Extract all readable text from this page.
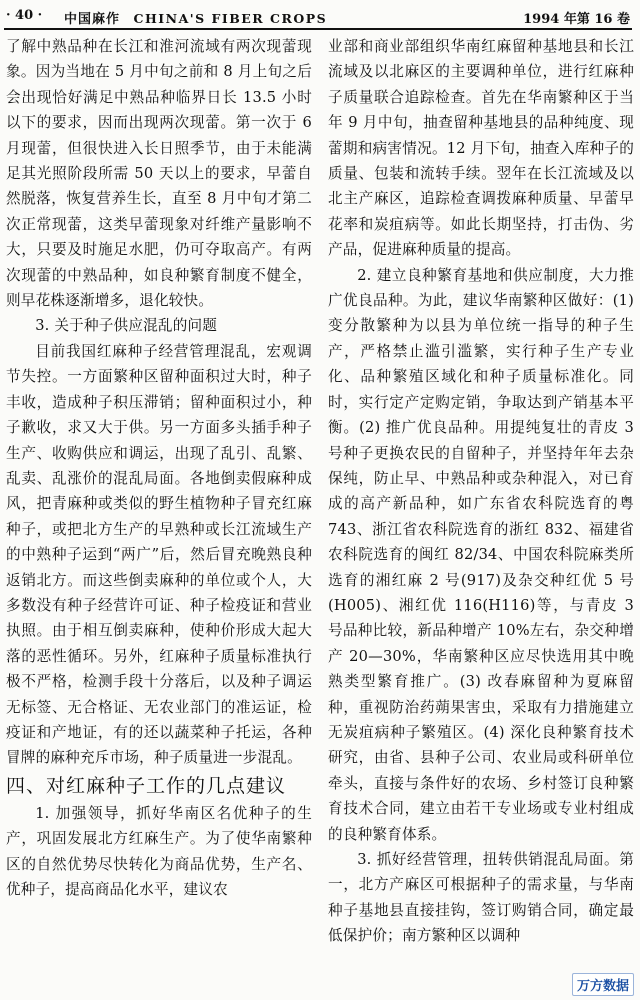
· 40 · 中国麻作 CHINA'S FIBER CROPS	1994 年第 16 卷

了解中熟品种在长江和淮河流域有两次现蕾现象。因为当地在 5 月中旬之前和 8 月上旬之后会出现恰好满足中熟品种临界日长 13.5 小时以下的要求，因而出现两次现蕾。第一次于 6 月现蕾，但很快进入长日照季节，由于未能满足其光照阶段所需 50 天以上的要求，早蕾自然脱落，恢复营养生长，直至 8 月中旬才第二次正常现蕾，这类早蕾现象对纤维产量影响不大，只要及时施足水肥，仍可夺取高产。有两次现蕾的中熟品种，如良种繁育制度不健全，则早花株逐渐增多，退化较快。

3. 关于种子供应混乱的问题

目前我国红麻种子经营管理混乱，宏观调节失控。一方面繁种区留种面积过大时，种子丰收，造成种子积压滞销；留种面积过小，种子歉收，求又大于供。另一方面多头插手种子生产、收购供应和调运，出现了乱引、乱繁、乱卖、乱涨价的混乱局面。各地倒卖假麻种成风，把青麻种或类似的野生植物种子冒充红麻种子，或把北方生产的早熟种或长江流域生产的中熟种子运到“两广”后，然后冒充晚熟良种返销北方。而这些倒卖麻种的单位或个人，大多数没有种子经营许可证、种子检疫证和营业执照。由于相互倒卖麻种，使种价形成大起大落的恶性循环。另外，红麻种子质量标准执行极不严格，检测手段十分落后，以及种子调运无标签、无合格证、无农业部门的准运证，检疫证和产地证，有的还以蔬菜种子托运，各种冒牌的麻种充斥市场，种子质量进一步混乱。

四、对红麻种子工作的几点建议

1. 加强领导，抓好华南区名优种子的生产，巩固发展北方红麻生产。为了使华南繁种区的自然优势尽快转化为商品优势，生产名、优种子，提高商品化水平，建议农

业部和商业部组织华南红麻留种基地县和长江流域及以北麻区的主要调种单位，进行红麻种子质量联合追踪检查。首先在华南繁种区于当年 9 月中旬，抽查留种基地县的品种纯度、现蕾期和病害情况。12 月下旬，抽查入库种子的质量、包装和流转手续。翌年在长江流域及以北主产麻区，追踪检查调拨麻种质量、早蕾早花率和炭疽病等。如此长期坚持，打击伪、劣产品，促进麻种质量的提高。

2. 建立良种繁育基地和供应制度，大力推广优良品种。为此，建议华南繁种区做好：(1)变分散繁种为以县为单位统一指导的种子生产，严格禁止滥引滥繁，实行种子生产专业化、品种繁殖区域化和种子质量标准化。同时，实行定产定购定销，争取达到产销基本平衡。(2) 推广优良品种。用提纯复壮的青皮 3 号种子更换农民的自留种子，并坚持年年去杂保纯，防止早、中熟品种或杂种混入，对已育成的高产新品种，如广东省农科院选育的粤 743、浙江省农科院选育的浙红 832、福建省农科院选育的闽红 82/34、中国农科院麻类所选育的湘红麻 2 号(917)及杂交种红优 5 号(H005)、湘红优 116(H116)等，与青皮 3 号品种比较，新品种增产 10%左右，杂交种增产 20—30%，华南繁种区应尽快选用其中晚熟类型繁育推广。(3) 改春麻留种为夏麻留种，重视防治药蒴果害虫，采取有力措施建立无炭疽病种子繁殖区。(4) 深化良种繁育技术研究，由省、县种子公司、农业局或科研单位牵头，直接与条件好的农场、乡村签订良种繁育技术合同，建立由若干专业场或专业村组成的良种繁育体系。

3. 抓好经营管理，扭转供销混乱局面。第一，北方产麻区可根据种子的需求量，与华南种子基地县直接挂钩，签订购销合同，确定最低保护价；南方繁种区以调种

万方数据
